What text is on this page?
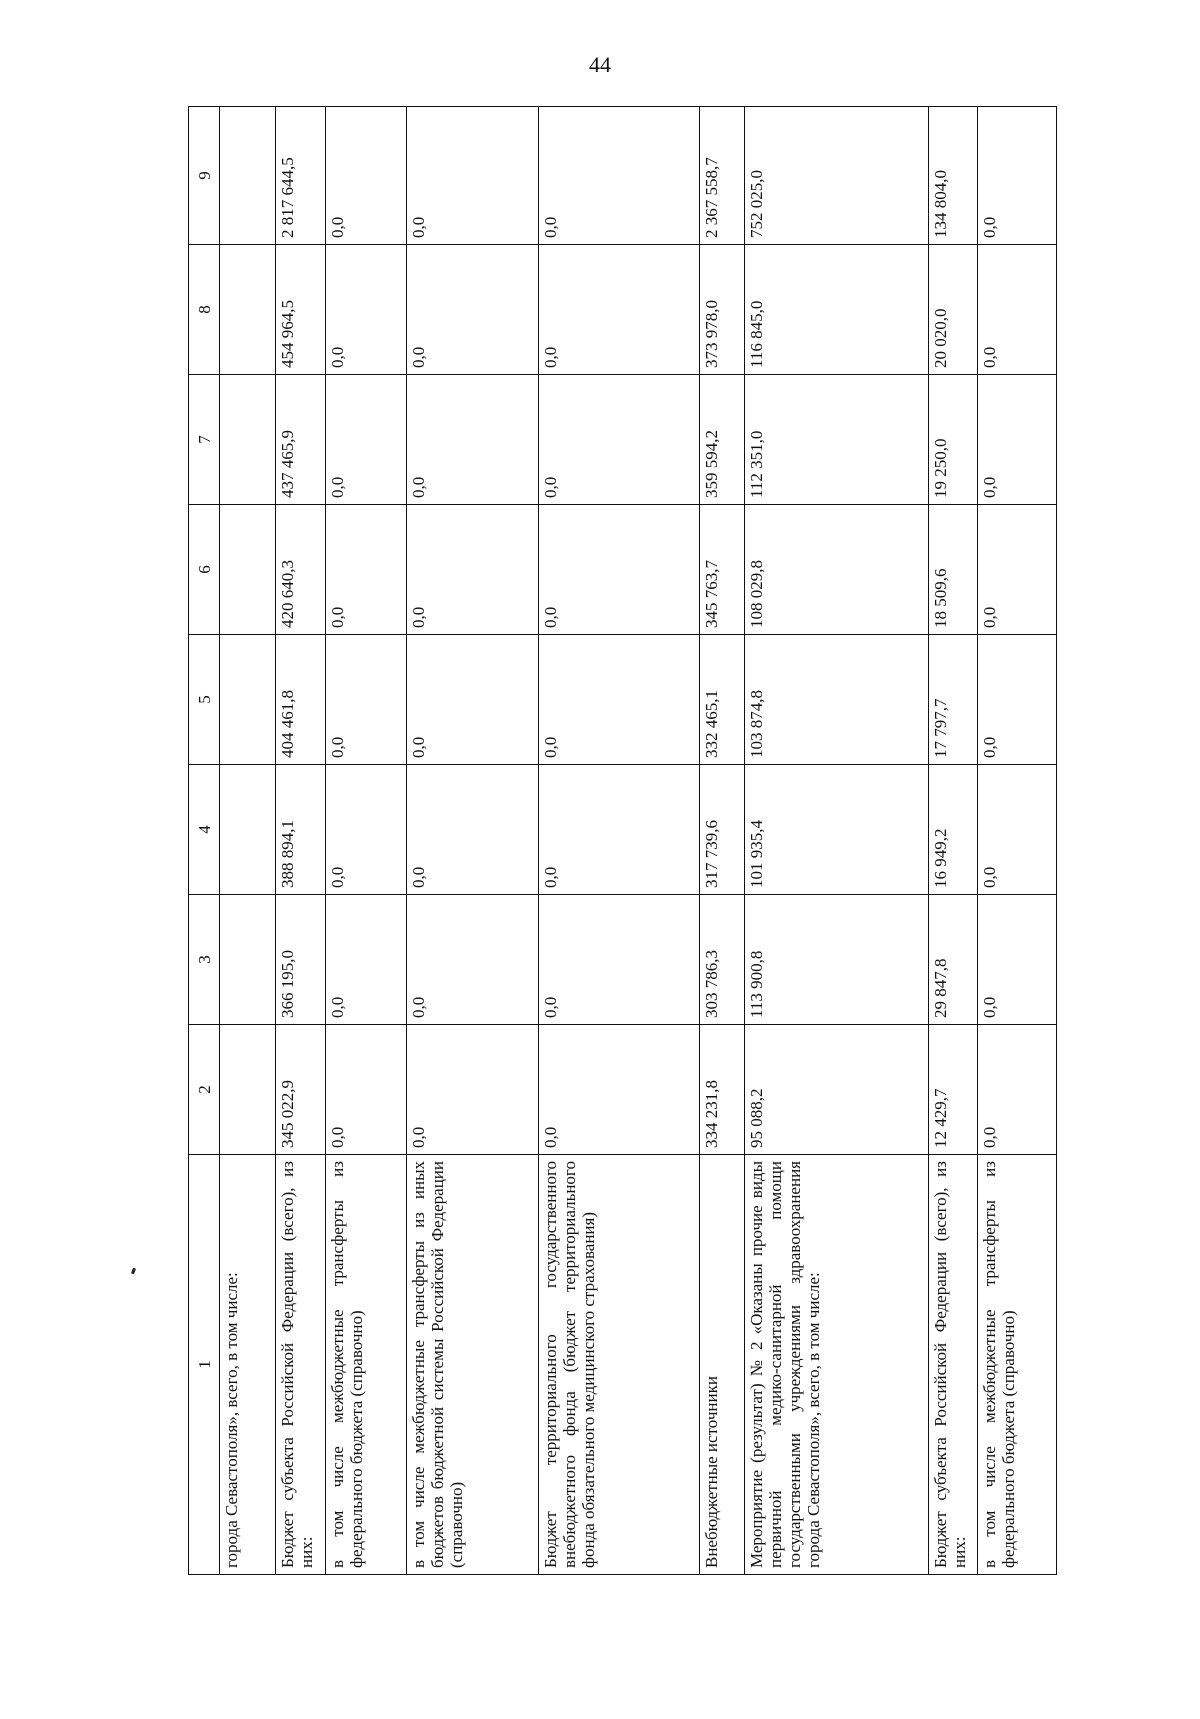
44
1	2	3	4	5	6	7	8	9
города Севастополя», всего, в том числе:								
Бюджет субъекта Российской Федерации (всего), из них:	345 022,9	366 195,0	388 894,1	404 461,8	420 640,3	437 465,9	454 964,5	2 817 644,5
в том числе межбюджетные трансферты из федерального бюджета (справочно)	0,0	0,0	0,0	0,0	0,0	0,0	0,0	0,0
в том числе межбюджетные трансферты из иных бюджетов бюджетной системы Российской Федерации (справочно)	0,0	0,0	0,0	0,0	0,0	0,0	0,0	0,0
Бюджет территориального государственного внебюджетного фонда (бюджет территориального фонда обязательного медицинского страхования)	0,0	0,0	0,0	0,0	0,0	0,0	0,0	0,0
Внебюджетные источники	334 231,8	303 786,3	317 739,6	332 465,1	345 763,7	359 594,2	373 978,0	2 367 558,7
Мероприятие (результат) № 2 «Оказаны прочие виды первичной медико-санитарной помощи государственными учреждениями здравоохранения города Севастополя», всего, в том числе:	95 088,2	113 900,8	101 935,4	103 874,8	108 029,8	112 351,0	116 845,0	752 025,0
Бюджет субъекта Российской Федерации (всего), из них:	12 429,7	29 847,8	16 949,2	17 797,7	18 509,6	19 250,0	20 020,0	134 804,0
в том числе межбюджетные трансферты из федерального бюджета (справочно)	0,0	0,0	0,0	0,0	0,0	0,0	0,0	0,0
